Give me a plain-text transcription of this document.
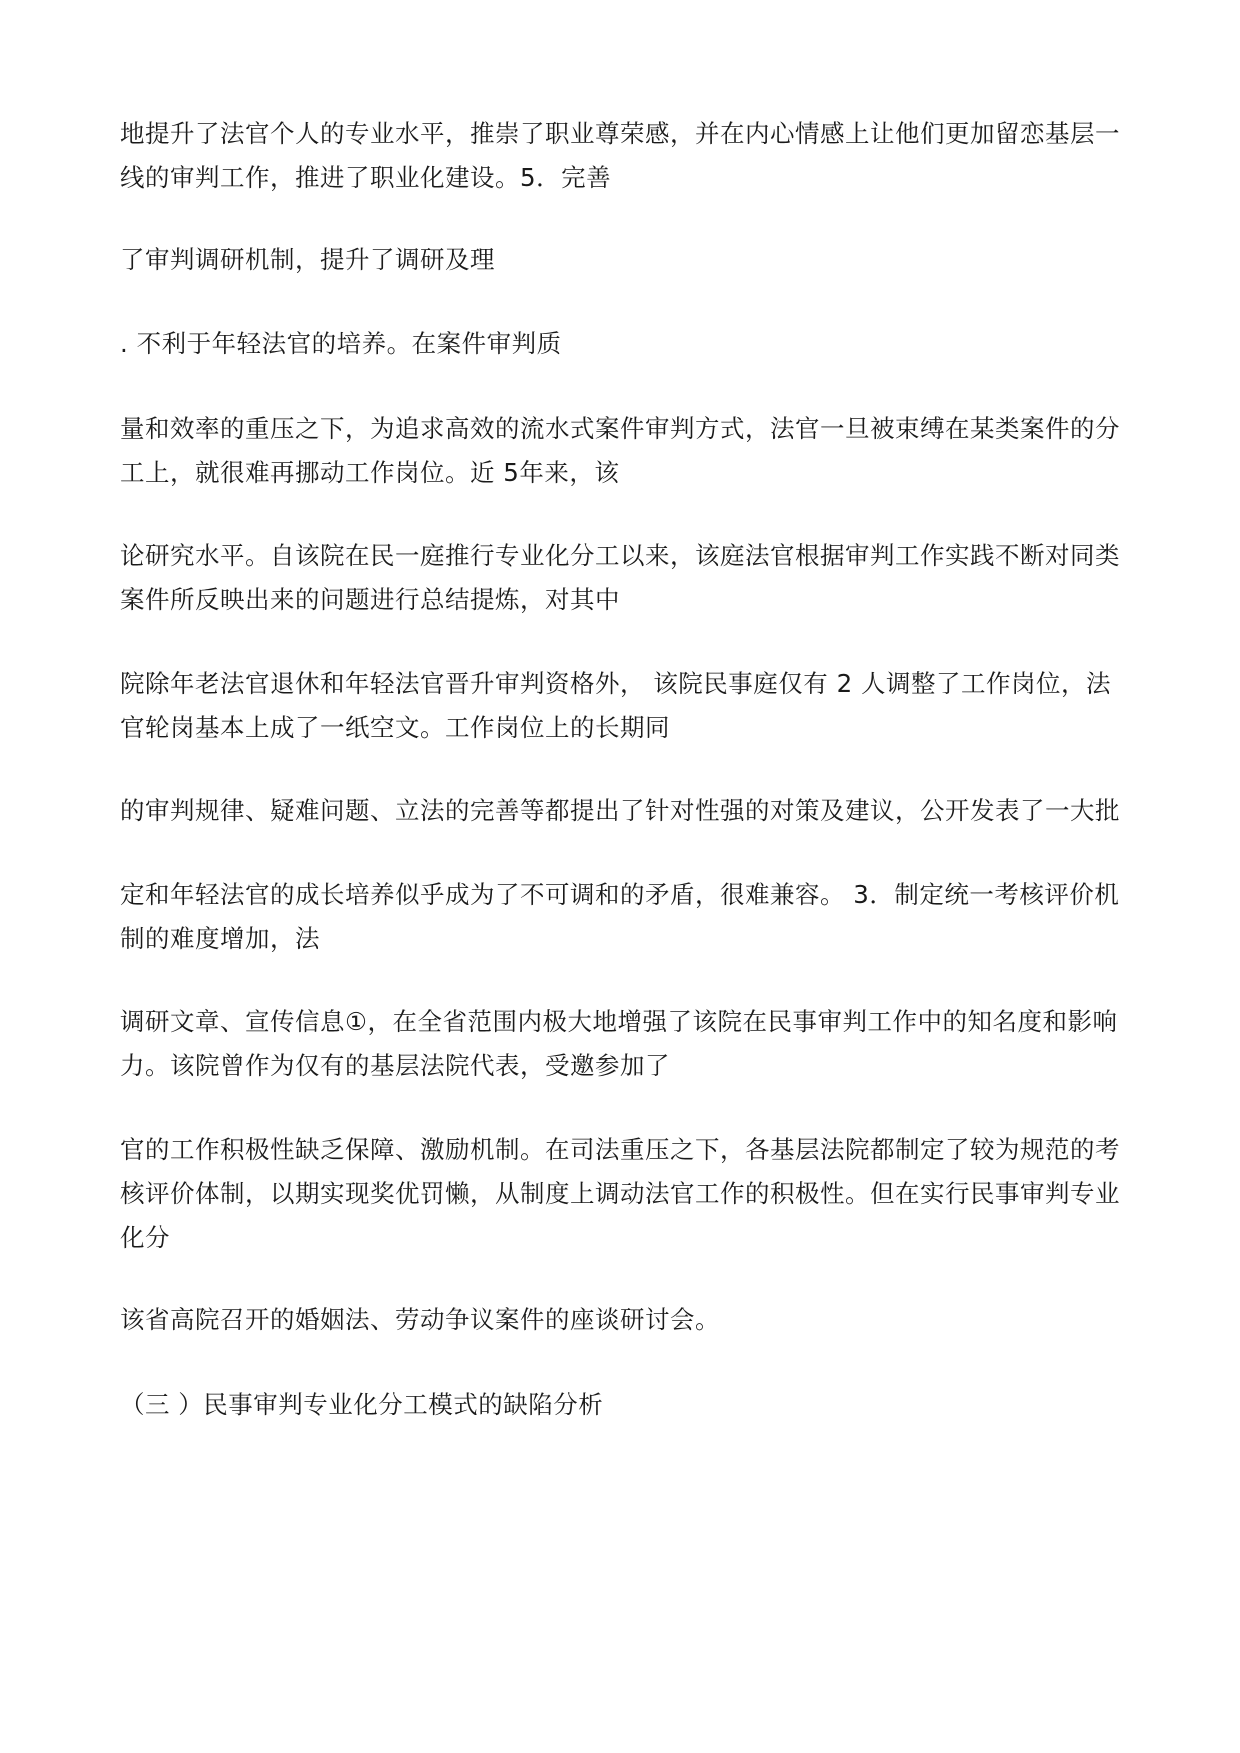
地提升了法官个人的专业水平，推崇了职业尊荣感，并在内心情感上让他们更加留恋基层一
线的审判工作，推进了职业化建设。5．完善

了审判调研机制，提升了调研及理

. 不利于年轻法官的培养。在案件审判质

量和效率的重压之下，为追求高效的流水式案件审判方式，法官一旦被束缚在某类案件的分
工上，就很难再挪动工作岗位。近 5年来，该

论研究水平。自该院在民一庭推行专业化分工以来，该庭法官根据审判工作实践不断对同类
案件所反映出来的问题进行总结提炼，对其中

院除年老法官退休和年轻法官晋升审判资格外， 该院民事庭仅有 2 人调整了工作岗位，法
官轮岗基本上成了一纸空文。工作岗位上的长期同

的审判规律、疑难问题、立法的完善等都提出了针对性强的对策及建议，公开发表了一大批

定和年轻法官的成长培养似乎成为了不可调和的矛盾，很难兼容。 3．制定统一考核评价机
制的难度增加，法

调研文章、宣传信息①，在全省范围内极大地增强了该院在民事审判工作中的知名度和影响
力。该院曾作为仅有的基层法院代表，受邀参加了

官的工作积极性缺乏保障、激励机制。在司法重压之下，各基层法院都制定了较为规范的考
核评价体制，以期实现奖优罚懒，从制度上调动法官工作的积极性。但在实行民事审判专业
化分

该省高院召开的婚姻法、劳动争议案件的座谈研讨会。

（三 ）民事审判专业化分工模式的缺陷分析
